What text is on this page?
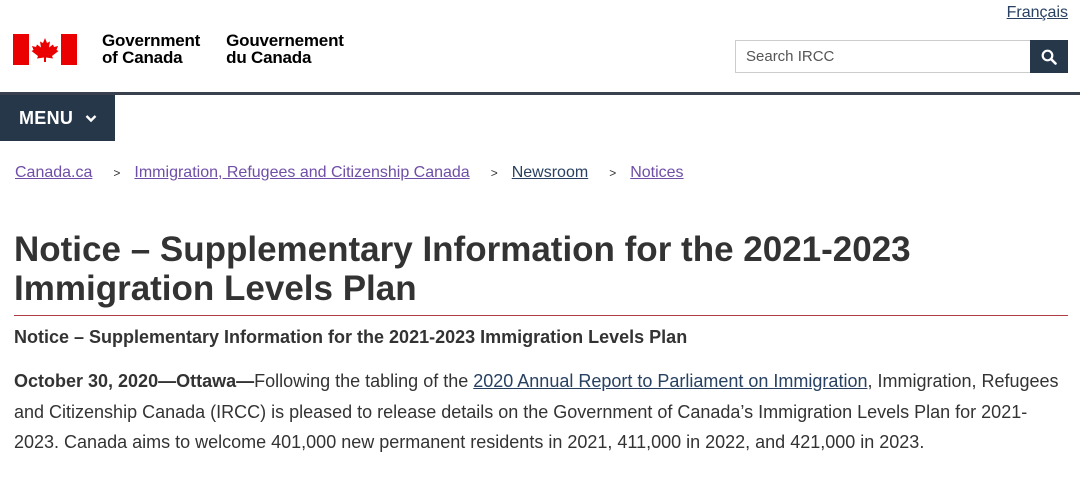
Français
Government
of Canada
Gouvernement
du Canada
Search IRCC
MENU
Canada.ca > Immigration, Refugees and Citizenship Canada > Newsroom > Notices
Notice – Supplementary Information for the 2021-2023 Immigration Levels Plan
Notice – Supplementary Information for the 2021-2023 Immigration Levels Plan

October 30, 2020—Ottawa—Following the tabling of the 2020 Annual Report to Parliament on Immigration, Immigration, Refugees and Citizenship Canada (IRCC) is pleased to release details on the Government of Canada’s Immigration Levels Plan for 2021-2023. Canada aims to welcome 401,000 new permanent residents in 2021, 411,000 in 2022, and 421,000 in 2023.
